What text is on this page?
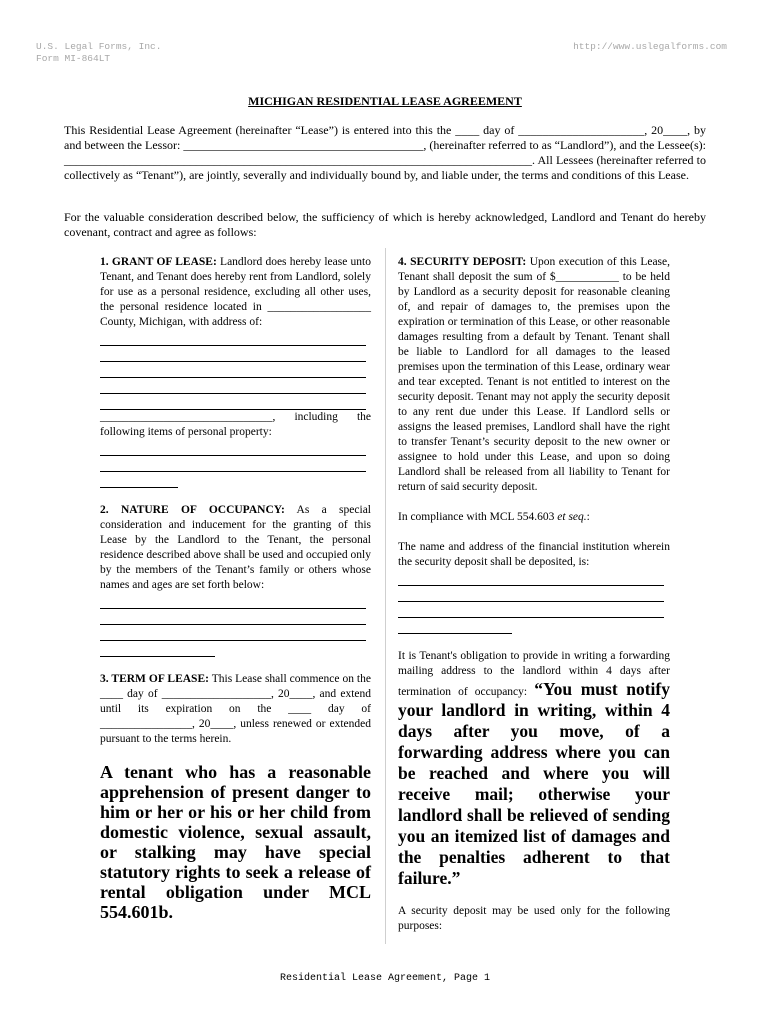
U.S. Legal Forms, Inc.
Form MI-864LT
http://www.uslegalforms.com
MICHIGAN RESIDENTIAL LEASE AGREEMENT

This Residential Lease Agreement (hereinafter “Lease”) is entered into this the ____ day of _____________________, 20____, by and between the Lessor: ________________________________________, (hereinafter referred to as “Landlord”), and the Lessee(s): ______________________________________________________________________________. All Lessees (hereinafter referred to collectively as “Tenant”), are jointly, severally and individually bound by, and liable under, the terms and conditions of this Lease.

For the valuable consideration described below, the sufficiency of which is hereby acknowledged, Landlord and Tenant do hereby covenant, contract and agree as follows:

1. GRANT OF LEASE: Landlord does hereby lease unto Tenant, and Tenant does hereby rent from Landlord, solely for use as a personal residence, excluding all other uses, the personal residence located in __________________ County, Michigan, with address of:

______________________________, including the following items of personal property:

2. NATURE OF OCCUPANCY: As a special consideration and inducement for the granting of this Lease by the Landlord to the Tenant, the personal residence described above shall be used and occupied only by the members of the Tenant’s family or others whose names and ages are set forth below:

3. TERM OF LEASE: This Lease shall commence on the ____ day of ___________________, 20____, and extend until its expiration on the ____ day of ________________, 20____, unless renewed or extended pursuant to the terms herein.

A tenant who has a reasonable apprehension of present danger to him or her or his or her child from domestic violence, sexual assault, or stalking may have special statutory rights to seek a release of rental obligation under MCL 554.601b.

4. SECURITY DEPOSIT: Upon execution of this Lease, Tenant shall deposit the sum of $___________ to be held by Landlord as a security deposit for reasonable cleaning of, and repair of damages to, the premises upon the expiration or termination of this Lease, or other reasonable damages resulting from a default by Tenant. Tenant shall be liable to Landlord for all damages to the leased premises upon the termination of this Lease, ordinary wear and tear excepted. Tenant is not entitled to interest on the security deposit. Tenant may not apply the security deposit to any rent due under this Lease. If Landlord sells or assigns the leased premises, Landlord shall have the right to transfer Tenant’s security deposit to the new owner or assignee to hold under this Lease, and upon so doing Landlord shall be released from all liability to Tenant for return of said security deposit.

In compliance with MCL 554.603 et seq.:

The name and address of the financial institution wherein the security deposit shall be deposited, is:

It is Tenant's obligation to provide in writing a forwarding mailing address to the landlord within 4 days after termination of occupancy: “You must notify your landlord in writing, within 4 days after you move, of a forwarding address where you can be reached and where you will receive mail; otherwise your landlord shall be relieved of sending you an itemized list of damages and the penalties adherent to that failure.”

A security deposit may be used only for the following purposes:

Residential Lease Agreement, Page 1
